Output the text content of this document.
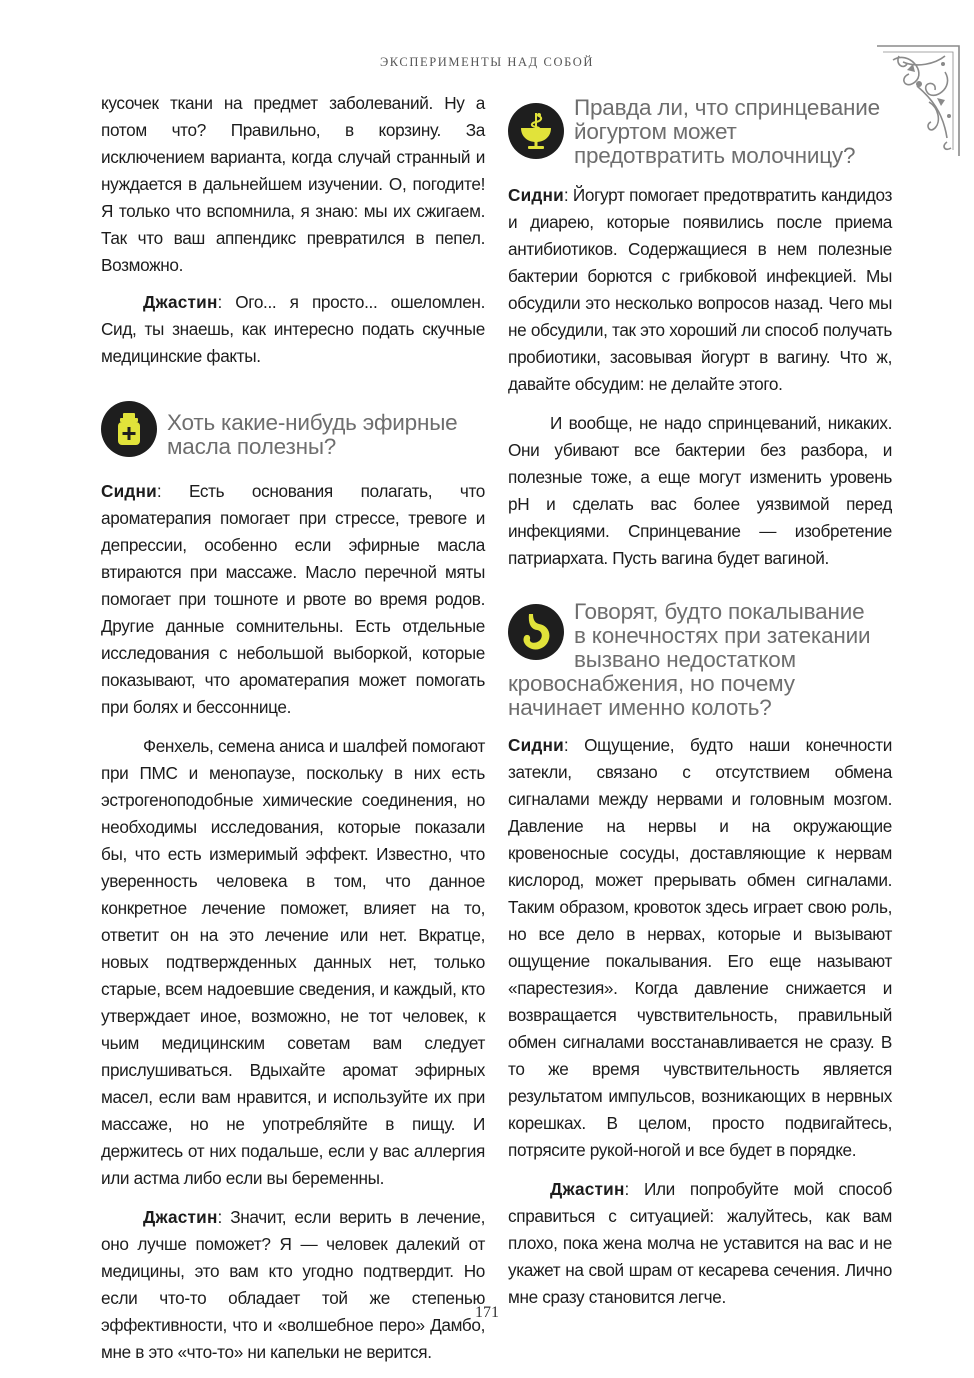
ЭКСПЕРИМЕНТЫ НАД СОБОЙ

кусочек ткани на предмет заболеваний. Ну а потом что? Правильно, в корзину. За исключением варианта, когда случай странный и нуждается в дальнейшем изучении. О, погодите! Я только что вспомнила, я знаю: мы их сжигаем. Так что ваш аппендикс превратился в пепел. Возможно.

Джастин: Ого... я просто... ошеломлен. Сид, ты знаешь, как интересно подать скучные медицинские факты.

Хоть какие-нибудь эфирные
масла полезны?

Сидни: Есть основания полагать, что ароматерапия помогает при стрессе, тревоге и депрессии, особенно если эфирные масла втираются при массаже. Масло перечной мяты помогает при тошноте и рвоте во время родов. Другие данные сомнительны. Есть отдельные исследования с небольшой выборкой, которые показывают, что ароматерапия может помогать при болях и бессоннице.

Фенхель, семена аниса и шалфей помогают при ПМС и менопаузе, поскольку в них есть эстрогеноподобные химические соединения, но необходимы исследования, которые показали бы, что есть измеримый эффект. Известно, что уверенность человека в том, что данное конкретное лечение поможет, влияет на то, ответит он на это лечение или нет. Вкратце, новых подтвержденных данных нет, только старые, всем надоевшие сведения, и каждый, кто утверждает иное, возможно, не тот человек, к чьим медицинским советам вам следует прислушиваться. Вдыхайте аромат эфирных масел, если вам нравится, и используйте их при массаже, но не употребляйте в пищу. И держитесь от них подальше, если у вас аллергия или астма либо если вы беременны.

Джастин: Значит, если верить в лечение, оно лучше поможет? Я — человек далекий от медицины, это вам кто угодно подтвердит. Но если что-то обладает той же степенью эффективности, что и «волшебное перо» Дамбо, мне в это «что-то» ни капельки не верится.

Правда ли, что спринцевание
йогуртом может
предотвратить молочницу?

Сидни: Йогурт помогает предотвратить кандидоз и диарею, которые появились после приема антибиотиков. Содержащиеся в нем полезные бактерии борются с грибковой инфекцией. Мы обсудили это несколько вопросов назад. Чего мы не обсудили, так это хороший ли способ получать пробиотики, засовывая йогурт в вагину. Что ж, давайте обсудим: не делайте этого.

И вообще, не надо спринцеваний, никаких. Они убивают все бактерии без разбора, и полезные тоже, а еще могут изменить уровень pH и сделать вас более уязвимой перед инфекциями. Спринцевание — изобретение патриархата. Пусть вагина будет вагиной.

Говорят, будто покалывание
в конечностях при затекании
вызвано недостатком
кровоснабжения, но почему
начинает именно колоть?

Сидни: Ощущение, будто наши конечности затекли, связано с отсутствием обмена сигналами между нервами и головным мозгом. Давление на нервы и на окружающие кровеносные сосуды, доставляющие к нервам кислород, может прерывать обмен сигналами. Таким образом, кровоток здесь играет свою роль, но все дело в нервах, которые и вызывают ощущение покалывания. Его еще называют «парестезия». Когда давление снижается и возвращается чувствительность, правильный обмен сигналами восстанавливается не сразу. В то же время чувствительность является результатом импульсов, возникающих в нервных корешках. В целом, просто подвигайтесь, потрясите рукой-ногой и все будет в порядке.

Джастин: Или попробуйте мой способ справиться с ситуацией: жалуйтесь, как вам плохо, пока жена молча не уставится на вас и не укажет на свой шрам от кесарева сечения. Лично мне сразу становится легче.

171
